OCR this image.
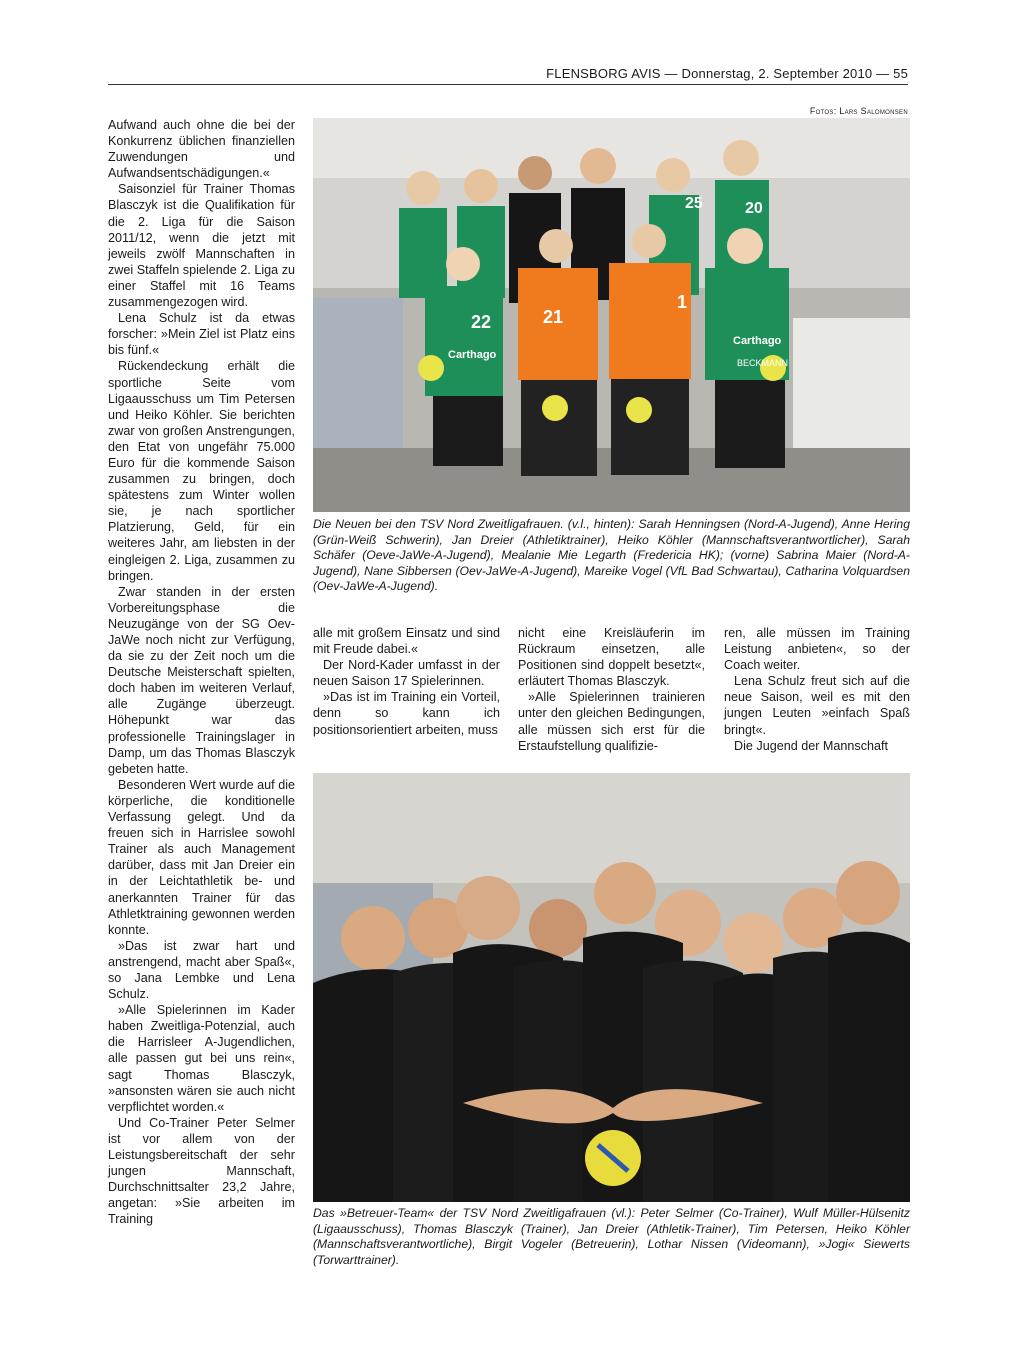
FLENSBORG AVIS — Donnerstag, 2. September 2010 — 55
Fotos: Lars Salomonsen

Aufwand auch ohne die bei der Konkurrenz üblichen finanziellen Zuwendungen und Aufwandsentschädigungen.«

Saisonziel für Trainer Thomas Blasczyk ist die Qualifikation für die 2. Liga für die Saison 2011/12, wenn die jetzt mit jeweils zwölf Mannschaften in zwei Staffeln spielende 2. Liga zu einer Staffel mit 16 Teams zusammengezogen wird.

Lena Schulz ist da etwas forscher: »Mein Ziel ist Platz eins bis fünf.«

Rückendeckung erhält die sportliche Seite vom Ligaausschuss um Tim Petersen und Heiko Köhler. Sie berichten zwar von großen Anstrengungen, den Etat von ungefähr 75.000 Euro für die kommende Saison zusammen zu bringen, doch spätestens zum Winter wollen sie, je nach sportlicher Platzierung, Geld, für ein weiteres Jahr, am liebsten in der eingleigen 2. Liga, zusammen zu bringen.

Zwar standen in der ersten Vorbereitungsphase die Neuzugänge von der SG Oev-JaWe noch nicht zur Verfügung, da sie zu der Zeit noch um die Deutsche Meisterschaft spielten, doch haben im weiteren Verlauf, alle Zugänge überzeugt. Höhepunkt war das professionelle Trainingslager in Damp, um das Thomas Blasczyk gebeten hatte.

Besonderen Wert wurde auf die körperliche, die konditionelle Verfassung gelegt. Und da freuen sich in Harrislee sowohl Trainer als auch Management darüber, dass mit Jan Dreier ein in der Leichtathletik be- und anerkannten Trainer für das Athletktraining gewonnen werden konnte.

»Das ist zwar hart und anstrengend, macht aber Spaß«, so Jana Lembke und Lena Schulz.

»Alle Spielerinnen im Kader haben Zweitliga-Potenzial, auch die Harrisleer A-Jugendlichen, alle passen gut bei uns rein«, sagt Thomas Blasczyk, »ansonsten wären sie auch nicht verpflichtet worden.«

Und Co-Trainer Peter Selmer ist vor allem von der Leistungsbereitschaft der sehr jungen Mannschaft, Durchschnittsalter 23,2 Jahre, angetan: »Sie arbeiten im Training

25	20
22	21
1
Carthago
Carthago
BECKMANN
Die Neuen bei den TSV Nord Zweitligafrauen. (v.l., hinten): Sarah Henningsen (Nord-A-Jugend), Anne Hering (Grün-Weiß Schwerin), Jan Dreier (Athletiktrainer), Heiko Köhler (Mannschaftsverantwortlicher), Sarah Schäfer (Oeve-JaWe-A-Jugend), Mealanie Mie Legarth (Fredericia HK); (vorne) Sabrina Maier (Nord-A-Jugend), Nane Sibbersen (Oev-JaWe-A-Jugend), Mareike Vogel (VfL Bad Schwartau), Catharina Volquardsen (Oev-JaWe-A-Jugend).

alle mit großem Einsatz und sind mit Freude dabei.«

Der Nord-Kader umfasst in der neuen Saison 17 Spielerinnen.

»Das ist im Training ein Vorteil, denn so kann ich positionsorientiert arbeiten, muss

nicht eine Kreisläuferin im Rückraum einsetzen, alle Positionen sind doppelt besetzt«, erläutert Thomas Blasczyk.

»Alle Spielerinnen trainieren unter den gleichen Bedingungen, alle müssen sich erst für die Erstaufstellung qualifizie-

ren, alle müssen im Training Leistung anbieten«, so der Coach weiter.

Lena Schulz freut sich auf die neue Saison, weil es mit den jungen Leuten »einfach Spaß bringt«.

Die Jugend der Mannschaft

Das »Betreuer-Team« der TSV Nord Zweitligafrauen (vl.): Peter Selmer (Co-Trainer), Wulf Müller-Hülsenitz (Ligaausschuss), Thomas Blasczyk (Trainer), Jan Dreier (Athletik-Trainer), Tim Petersen, Heiko Köhler (Mannschaftsverantwortliche), Birgit Vogeler (Betreuerin), Lothar Nissen (Videomann), »Jogi« Siewerts (Torwarttrainer).
